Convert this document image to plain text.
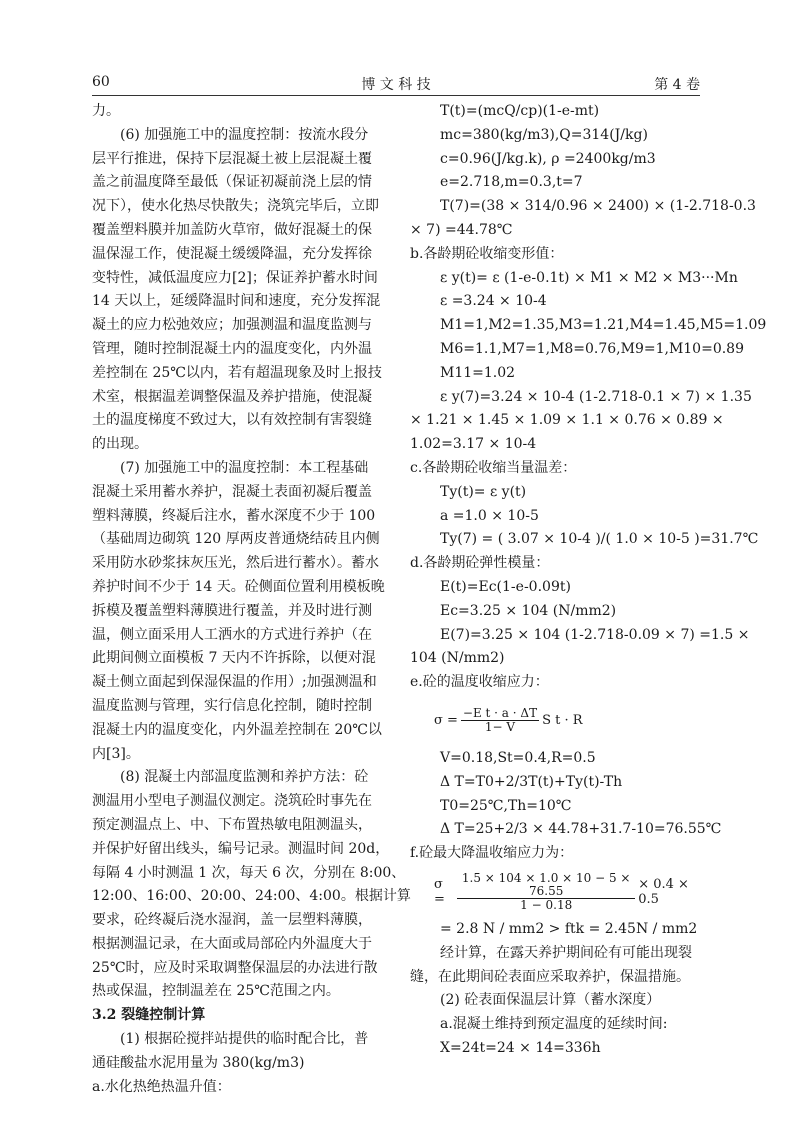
60	博 文 科 技	第 4 卷
力。
(6) 加强施工中的温度控制：按流水段分
层平行推进，保持下层混凝土被上层混凝土覆
盖之前温度降至最低（保证初凝前浇上层的情
况下），使水化热尽快散失；浇筑完毕后，立即
覆盖塑料膜并加盖防火草帘，做好混凝土的保
温保湿工作，使混凝土缓缓降温，充分发挥徐
变特性，减低温度应力[2]；保证养护蓄水时间
14 天以上，延缓降温时间和速度，充分发挥混
凝土的应力松弛效应；加强测温和温度监测与
管理，随时控制混凝土内的温度变化，内外温
差控制在 25℃以内，若有超温现象及时上报技
术室，根据温差调整保温及养护措施，使混凝
土的温度梯度不致过大，以有效控制有害裂缝
的出现。
(7) 加强施工中的温度控制：本工程基础
混凝土采用蓄水养护，混凝土表面初凝后覆盖
塑料薄膜，终凝后注水，蓄水深度不少于 100
（基础周边砌筑 120 厚两皮普通烧结砖且内侧
采用防水砂浆抹灰压光，然后进行蓄水）。蓄水
养护时间不少于 14 天。砼侧面位置利用模板晚
拆模及覆盖塑料薄膜进行覆盖，并及时进行测
温，侧立面采用人工洒水的方式进行养护（在
此期间侧立面模板 7 天内不许拆除，以便对混
凝土侧立面起到保湿保温的作用）;加强测温和
温度监测与管理，实行信息化控制，随时控制
混凝土内的温度变化，内外温差控制在 20℃以
内[3]。
(8) 混凝土内部温度监测和养护方法：砼
测温用小型电子测温仪测定。浇筑砼时事先在
预定测温点上、中、下布置热敏电阻测温头，
并保护好留出线头，编号记录。测温时间 20d，
每隔 4 小时测温 1 次，每天 6 次，分别在 8:00、
12:00、16:00、20:00、24:00、4:00。根据计算
要求，砼终凝后浇水湿润，盖一层塑料薄膜，
根据测温记录，在大面或局部砼内外温度大于
25℃时，应及时采取调整保温层的办法进行散
热或保温，控制温差在 25℃范围之内。
3.2 裂缝控制计算
(1) 根据砼搅拌站提供的临时配合比，普
通硅酸盐水泥用量为 380(kg/m3)
a.水化热绝热温升值：
T(t)=(mcQ/cp)(1-e-mt)
mc=380(kg/m3),Q=314(J/kg)
c=0.96(J/kg.k), ρ =2400kg/m3
e=2.718,m=0.3,t=7
T(7)=(38 × 314/0.96 × 2400) × (1-2.718-0.3
× 7) =44.78℃
b.各龄期砼收缩变形值：
ε y(t)= ε (1-e-0.1t) × M1 × M2 × M3···Mn
ε =3.24 × 10-4
M1=1,M2=1.35,M3=1.21,M4=1.45,M5=1.09
M6=1.1,M7=1,M8=0.76,M9=1,M10=0.89
M11=1.02
ε y(7)=3.24 × 10-4 (1-2.718-0.1 × 7) × 1.35
× 1.21 × 1.45 × 1.09 × 1.1 × 0.76 × 0.89 ×
1.02=3.17 × 10-4
c.各龄期砼收缩当量温差：
Ty(t)= ε y(t)
a =1.0 × 10-5
Ty(7) = ( 3.07 × 10-4 )/( 1.0 × 10-5 )=31.7℃
d.各龄期砼弹性模量：
E(t)=Ec(1-e-0.09t)
Ec=3.25 × 104 (N/mm2)
E(7)=3.25 × 104 (1-2.718-0.09 × 7) =1.5 ×
104 (N/mm2)
e.砼的温度收缩应力：
$\sigma = \frac{\text{−E t · a · ΔT}}{1- V}$ S t · R
V=0.18,St=0.4,R=0.5
Δ T=T0+2/3T(t)+Ty(t)-Th
T0=25℃,Th=10℃
Δ T=25+2/3 × 44.78+31.7-10=76.55℃
f.砼最大降温收缩应力为：
σ =	$\frac{1.5 \times 104 \times 1.0 \times 10 - 5 \times 76.55}{1 - 0.18} \times 0.4 \times 0.5$
= 2.8 N / mm2 > ftk = 2.45N / mm2
经计算，在露天养护期间砼有可能出现裂
缝，在此期间砼表面应采取养护，保温措施。
(2) 砼表面保温层计算（蓄水深度）
a.混凝土维持到预定温度的延续时间:
X=24t=24 × 14=336h
